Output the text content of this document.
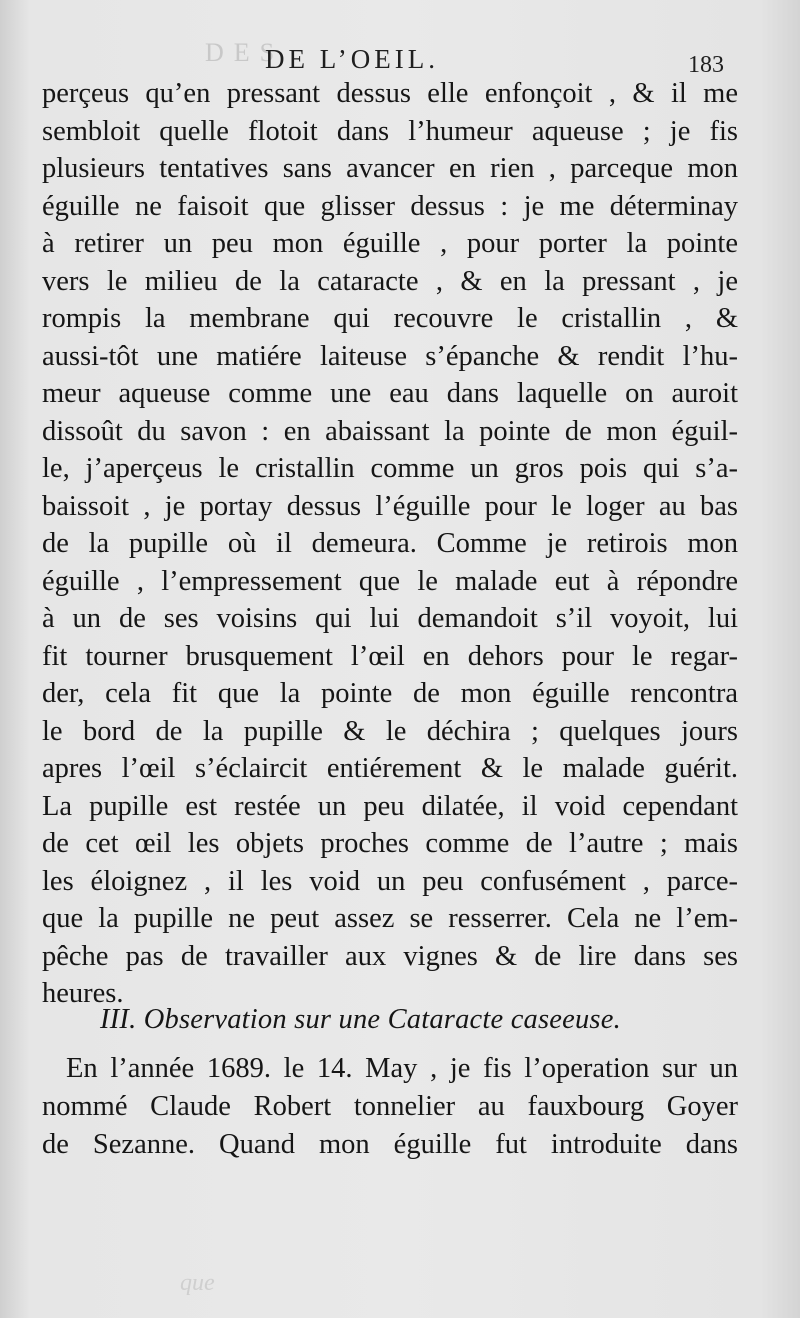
DES
DE L’OEIL.	183
perçeus qu’en pressant dessus elle enfonçoit , & il me
sembloit quelle flotoit dans l’humeur aqueuse ; je fis
plusieurs tentatives sans avancer en rien , parceque mon
éguille ne faisoit que glisser dessus : je me déterminay
à retirer un peu mon éguille , pour porter la pointe
vers le milieu de la cataracte , & en la pressant , je
rompis la membrane qui recouvre le cristallin , &
aussi-tôt une matiére laiteuse s’épanche & rendit l’hu-
meur aqueuse comme une eau dans laquelle on auroit
dissoût du savon : en abaissant la pointe de mon éguil-
le, j’aperçeus le cristallin comme un gros pois qui s’a-
baissoit , je portay dessus l’éguille pour le loger au bas
de la pupille où il demeura. Comme je retirois mon
éguille , l’empressement que le malade eut à répondre
à un de ses voisins qui lui demandoit s’il voyoit, lui
fit tourner brusquement l’œil en dehors pour le regar-
der, cela fit que la pointe de mon éguille rencontra
le bord de la pupille & le déchira ; quelques jours
apres l’œil s’éclaircit entiérement & le malade guérit.
La pupille est restée un peu dilatée, il void cependant
de cet œil les objets proches comme de l’autre ; mais
les éloignez , il les void un peu confusément , parce-
que la pupille ne peut assez se resserrer. Cela ne l’em-
pêche pas de travailler aux vignes & de lire dans ses
heures.
III. Observation sur une Cataracte caseeuse.
En l’année 1689. le 14. May , je fis l’operation sur un
nommé Claude Robert tonnelier au fauxbourg Goyer
de Sezanne. Quand mon éguille fut introduite dans
que
